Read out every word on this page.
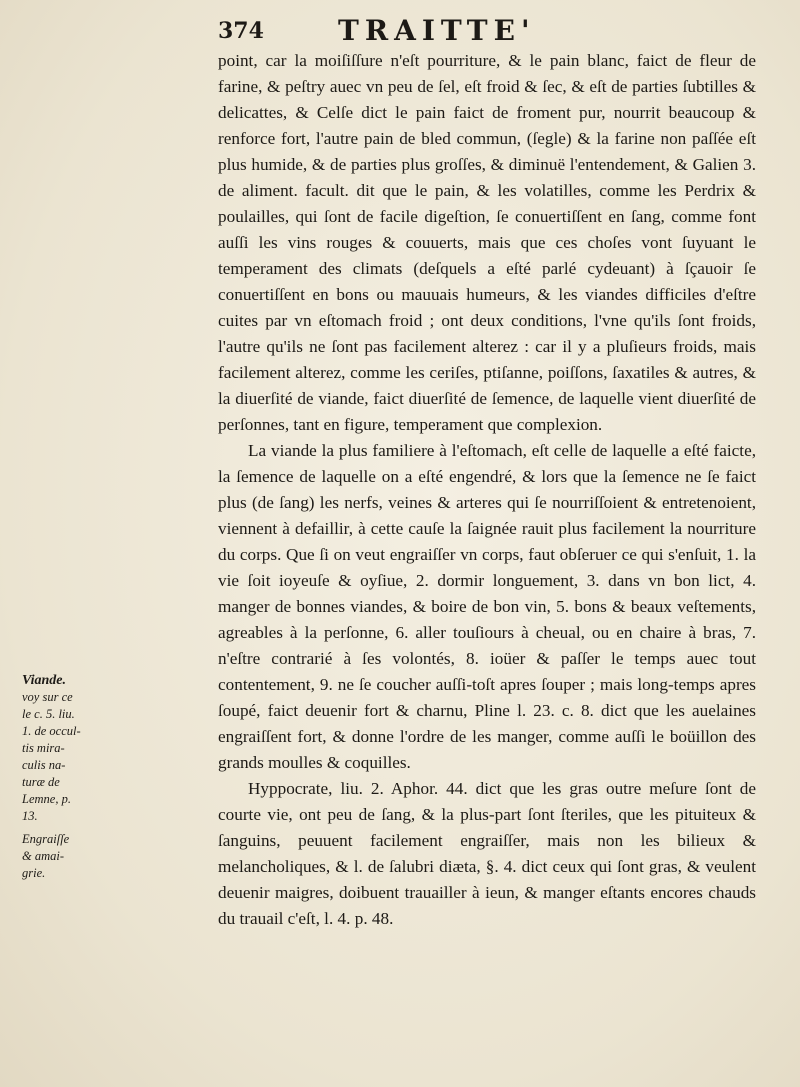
374	TRAITTE'

Viande.

voy sur ce

le c. 5. liu.

1. de occul-

tis mira-

culis na-

turæ de

Lemne, p.

13.

Engraiſſe

& amai-

grie.

point, car la moiſiſſure n'eſt pourriture, & le pain blanc, faict de fleur de farine, & peſtry auec vn peu de ſel, eſt froid & ſec, & eſt de parties ſubtilles & delicattes, & Celſe dict le pain faict de froment pur, nourrit beaucoup & renforce fort, l'autre pain de bled commun, (ſegle) & la farine non paſſée eſt plus humide, & de parties plus groſſes, & diminuë l'entendement, & Galien 3. de aliment. facult. dit que le pain, & les volatilles, comme les Perdrix & poulailles, qui ſont de facile digeſtion, ſe conuertiſſent en ſang, comme font auſſi les vins rouges & couuerts, mais que ces choſes vont ſuyuant le temperament des climats (deſquels a eſté parlé cydeuant) à ſçauoir ſe conuertiſſent en bons ou mauuais humeurs, & les viandes difficiles d'eſtre cuites par vn eſtomach froid ; ont deux conditions, l'vne qu'ils ſont froids, l'autre qu'ils ne ſont pas facilement alterez : car il y a pluſieurs froids, mais facilement alterez, comme les ceriſes, ptiſanne, poiſſons, ſaxatiles & autres, & la diuerſité de viande, faict diuerſité de ſemence, de laquelle vient diuerſité de perſonnes, tant en figure, temperament que complexion.

La viande la plus familiere à l'eſtomach, eſt celle de laquelle a eſté faicte, la ſemence de laquelle on a eſté engendré, & lors que la ſemence ne ſe faict plus (de ſang) les nerfs, veines & arteres qui ſe nourriſſoient & entretenoient, viennent à defaillir, à cette cauſe la ſaignée rauit plus facilement la nourriture du corps. Que ſi on veut engraiſſer vn corps, faut obſeruer ce qui s'enſuit, 1. la vie ſoit ioyeuſe & oyſiue, 2. dormir longuement, 3. dans vn bon lict, 4. manger de bonnes viandes, & boire de bon vin, 5. bons & beaux veſtements, agreables à la perſonne, 6. aller touſiours à cheual, ou en chaire à bras, 7. n'eſtre contrarié à ſes volontés, 8. ioüer & paſſer le temps auec tout contentement, 9. ne ſe coucher auſſi-toſt apres ſouper ; mais long-temps apres ſoupé, faict deuenir fort & charnu, Pline l. 23. c. 8. dict que les auelaines engraiſſent fort, & donne l'ordre de les manger, comme auſſi le boüillon des grands moulles & coquilles.

Hyppocrate, liu. 2. Aphor. 44. dict que les gras outre meſure ſont de courte vie, ont peu de ſang, & la plus-part ſont ſteriles, que les pituiteux & ſanguins, peuuent facilement engraiſſer, mais non les bilieux & melancholiques, & l. de ſalubri diæta, §. 4. dict ceux qui ſont gras, & veulent deuenir maigres, doibuent trauailler à ieun, & manger eſtants encores chauds du trauail c'eſt, l. 4. p. 48.
